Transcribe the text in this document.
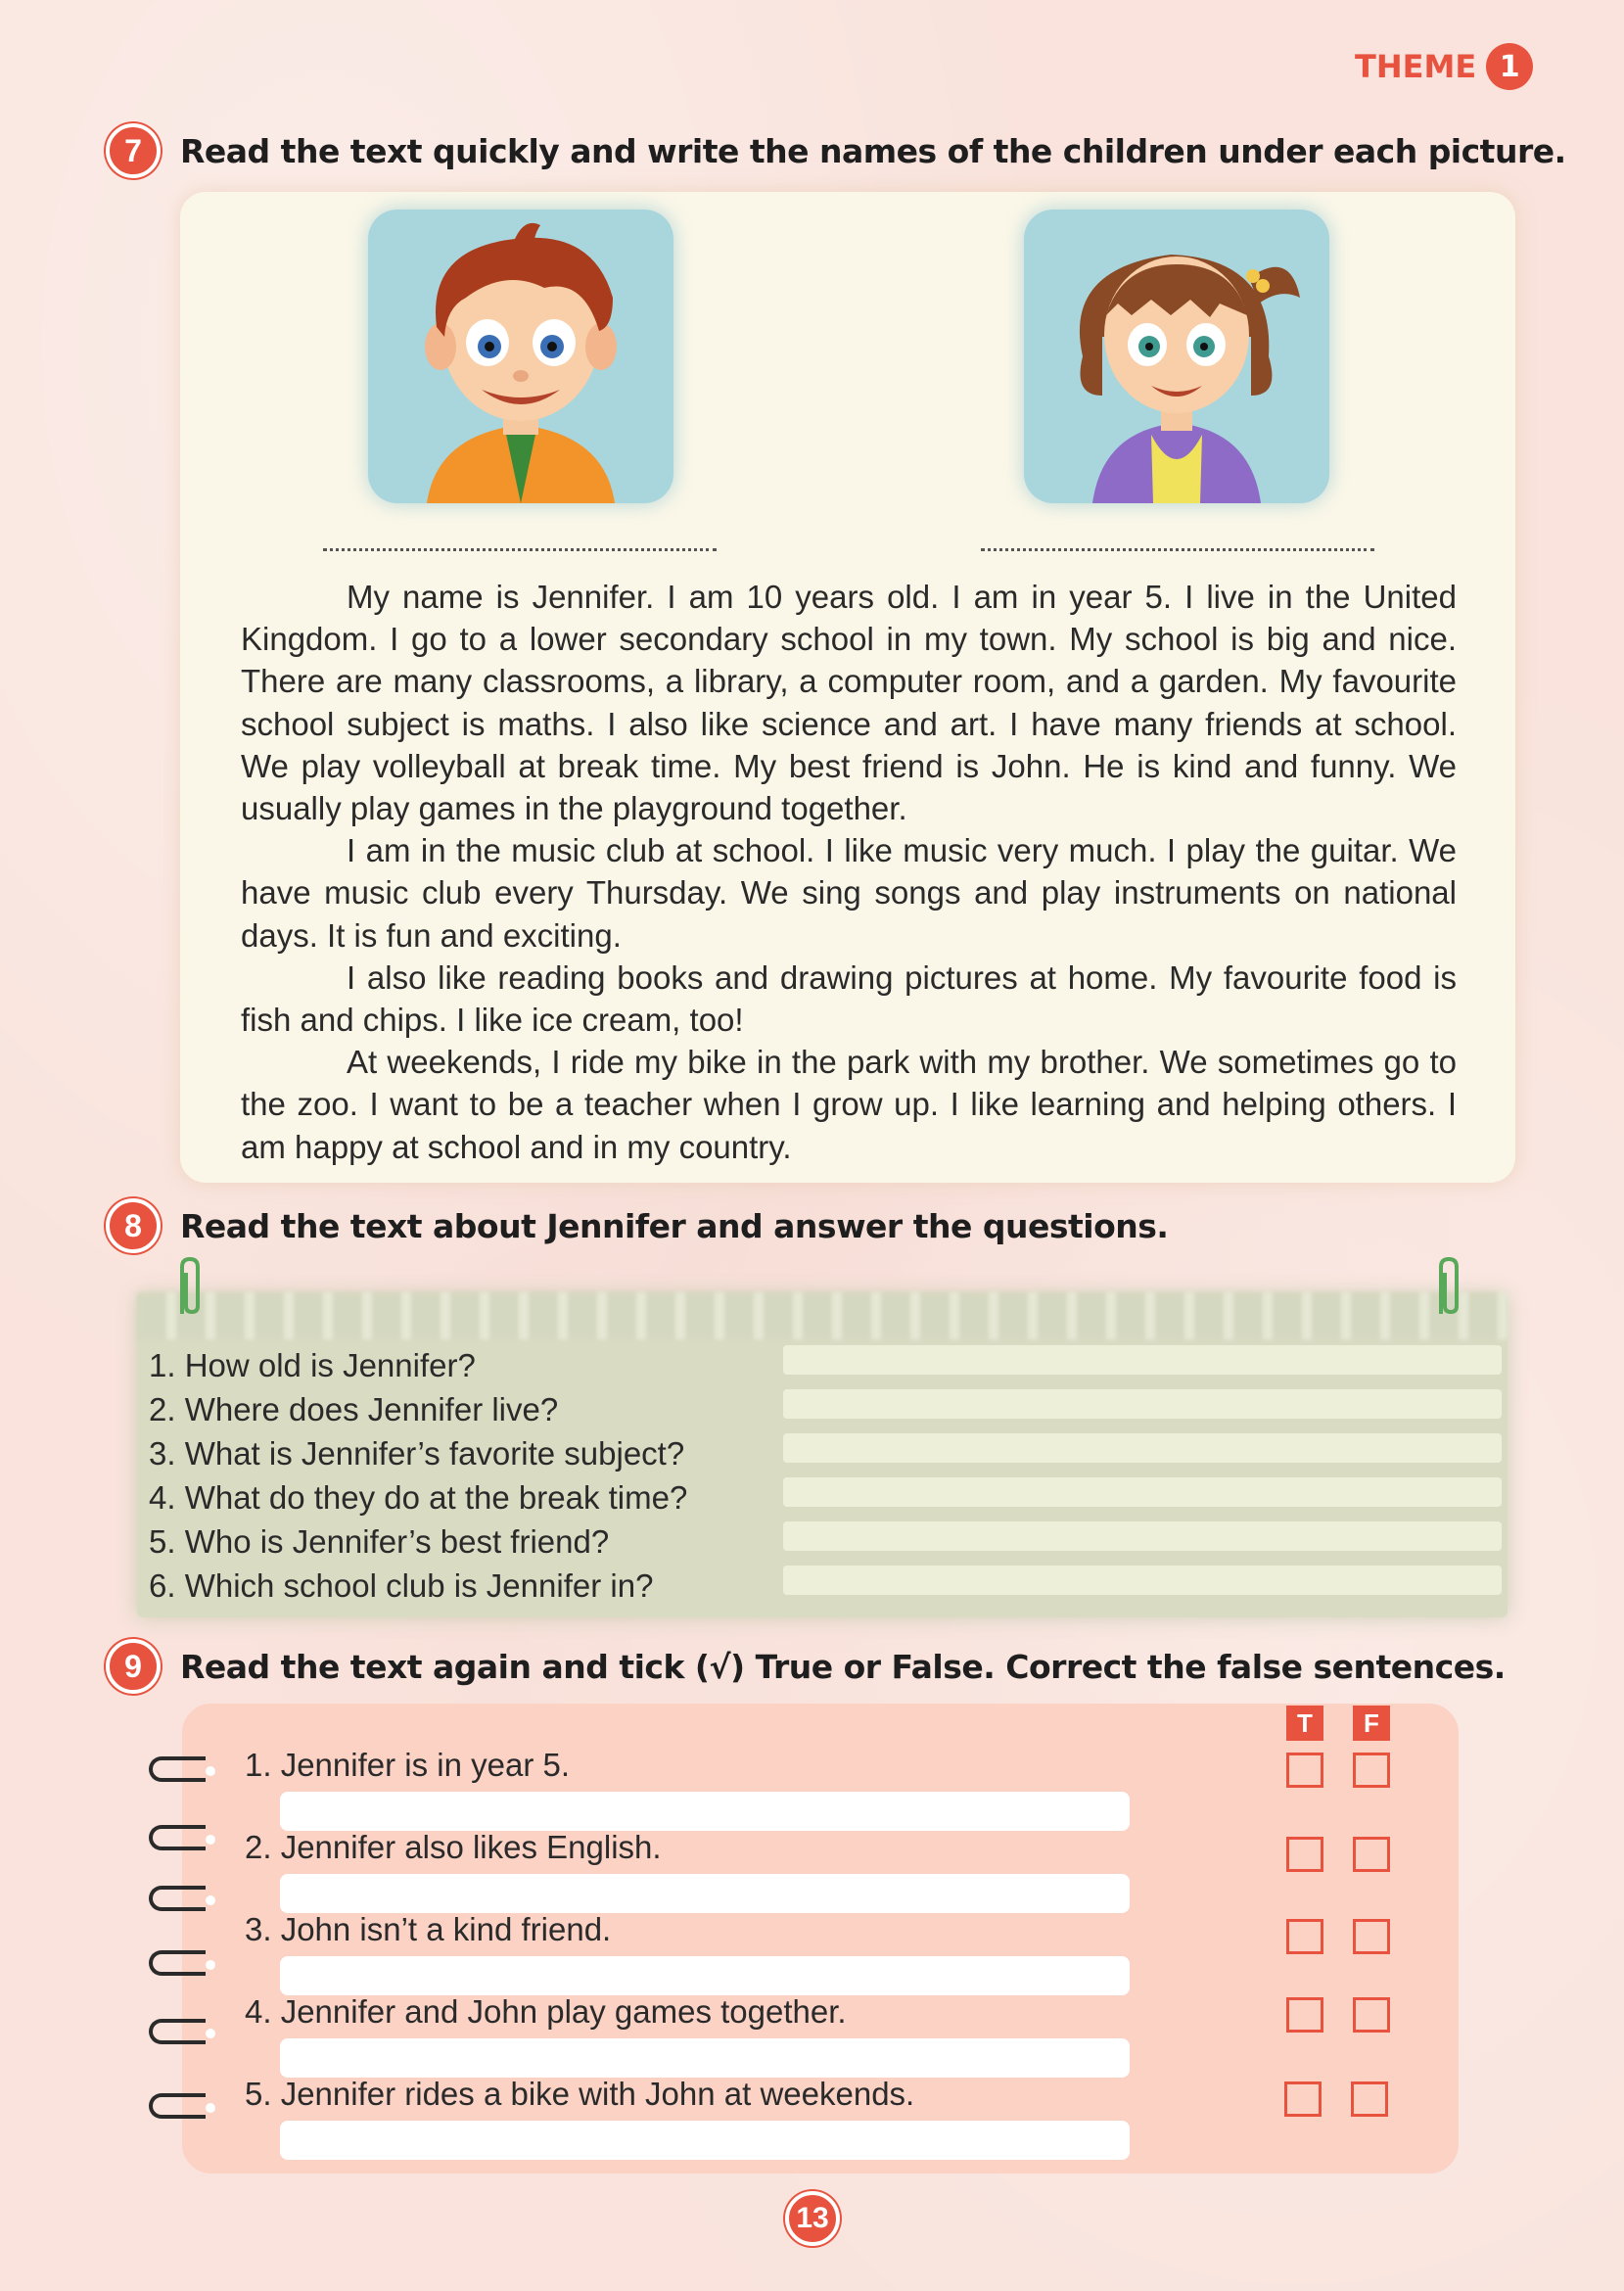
THEME 1
7	Read the text quickly and write the names of the children under each picture.

My name is Jennifer. I am 10 years old. I am in year 5. I live in the United Kingdom. I go to a lower secondary school in my town. My school is big and nice. There are many classrooms, a library, a computer room, and a garden. My favourite school subject is maths. I also like science and art. I have many friends at school. We play volleyball at break time. My best friend is John. He is kind and funny. We usually play games in the playground together.

I am in the music club at school. I like music very much. I play the guitar. We have music club every Thursday. We sing songs and play instruments on national days. It is fun and exciting.

I also like reading books and drawing pictures at home. My favourite food is fish and chips. I like ice cream, too!

At weekends, I ride my bike in the park with my brother. We sometimes go to the zoo. I want to be a teacher when I grow up. I like learning and helping others. I am happy at school and in my country.

8	Read the text about Jennifer and answer the questions.
1. How old is Jennifer?
2. Where does Jennifer live?
3. What is Jennifer’s favorite subject?
4. What do they do at the break time?
5. Who is Jennifer’s best friend?
6. Which school club is Jennifer in?
9	Read the text again and tick (√) True or False. Correct the false sentences.
T	F
1. Jennifer is in year 5.
2. Jennifer also likes English.
3. John isn’t a kind friend.
4. Jennifer and John play games together.
5. Jennifer rides a bike with John at weekends.
13
